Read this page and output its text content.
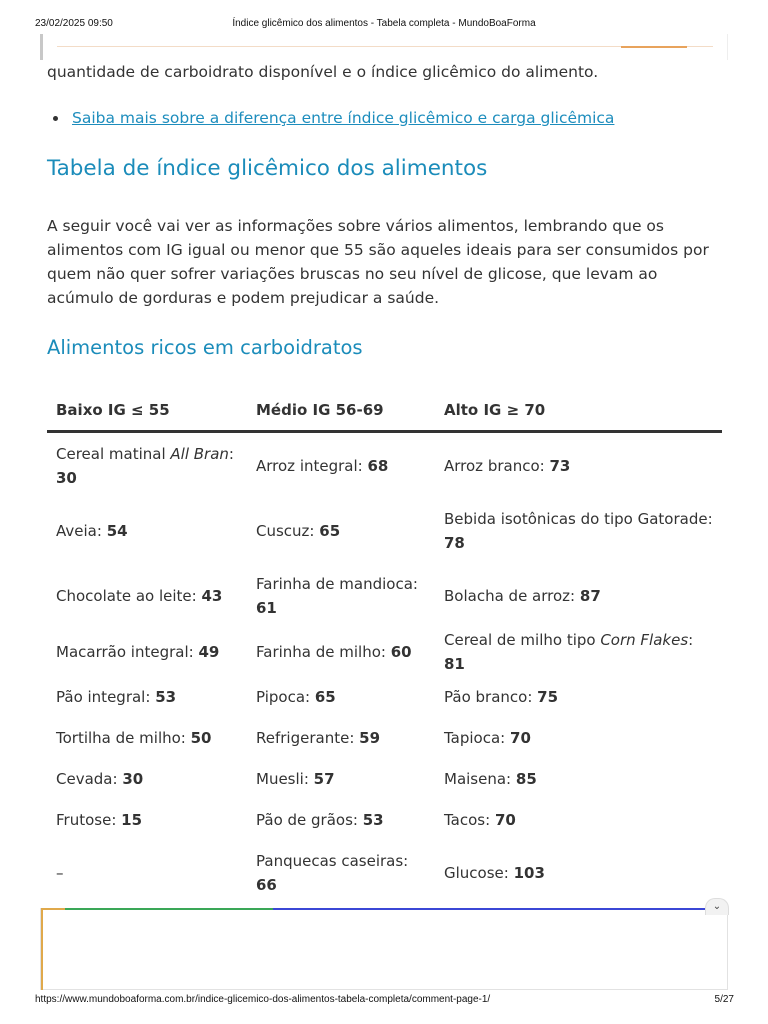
23/02/2025 09:50	Índice glicêmico dos alimentos - Tabela completa - MundoBoaForma

quantidade de carboidrato disponível e o índice glicêmico do alimento.

Saiba mais sobre a diferença entre índice glicêmico e carga glicêmica
Tabela de índice glicêmico dos alimentos

A seguir você vai ver as informações sobre vários alimentos, lembrando que os alimentos com IG igual ou menor que 55 são aqueles ideais para ser consumidos por quem não quer sofrer variações bruscas no seu nível de glicose, que levam ao acúmulo de gorduras e podem prejudicar a saúde.

Alimentos ricos em carboidratos
Baixo IG ≤ 55	Médio IG 56-69	Alto IG ≥ 70
Cereal matinal All Bran: 30	Arroz integral: 68	Arroz branco: 73
Aveia: 54	Cuscuz: 65	Bebida isotônicas do tipo Gatorade: 78
Chocolate ao leite: 43	Farinha de mandioca: 61	Bolacha de arroz: 87
Macarrão integral: 49	Farinha de milho: 60	Cereal de milho tipo Corn Flakes: 81
Pão integral: 53	Pipoca: 65	Pão branco: 75
Tortilha de milho: 50	Refrigerante: 59	Tapioca: 70
Cevada: 30	Muesli: 57	Maisena: 85
Frutose: 15	Pão de grãos: 53	Tacos: 70
–	Panquecas caseiras: 66	Glucose: 103
⌄
https://www.mundoboaforma.com.br/indice-glicemico-dos-alimentos-tabela-completa/comment-page-1/	5/27
